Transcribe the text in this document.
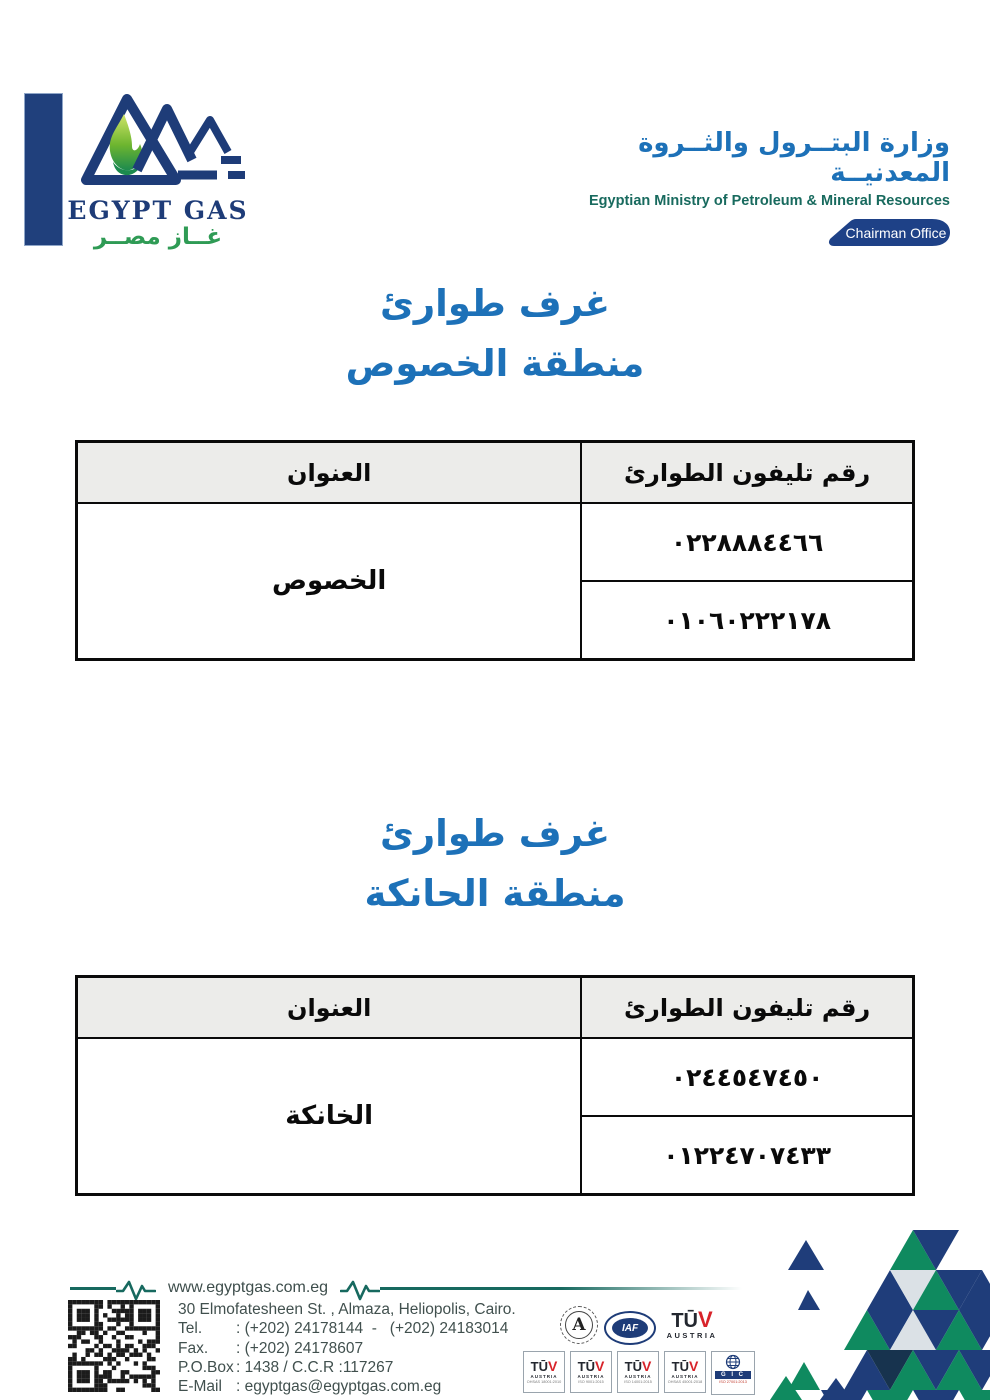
EGYPT GAS
غــاز مصــر
وزارة البتــرول والثــروة المعدنيــة
Egyptian Ministry of Petroleum & Mineral Resources
Chairman Office
غرف طوارئ
منطقة الخصوص
العنوان	رقم تليفون الطوارئ
الخصوص	٠٢٢٨٨٨٤٤٦٦
	٠١٠٦٠٢٢٢١٧٨
غرف طوارئ
منطقة الحانكة
العنوان	رقم تليفون الطوارئ
الخانكة	٠٢٤٤٥٤٧٤٥٠
	٠١٢٢٤٧٠٧٤٣٣
www.egyptgas.com.eg
30 Elmofatesheen St. , Almaza, Heliopolis, Cairo.
Tel.	: (+202) 24178144  -   (+202) 24183014
Fax.	: (+202) 24178607
P.O.Box : 1438 / C.C.R :117267
E-Mail : egyptgas@egyptgas.com.eg
A	IAF	TŪV
AUSTRIA
TŪV
AUSTRIA
OHSAS 18001:2010
TŪV
AUSTRIA
ISO 9001:2015
TŪV
AUSTRIA
ISO 14001:2015
TŪV
AUSTRIA
OHSAS 45001:2018
G I C
ISO 27001:2013
